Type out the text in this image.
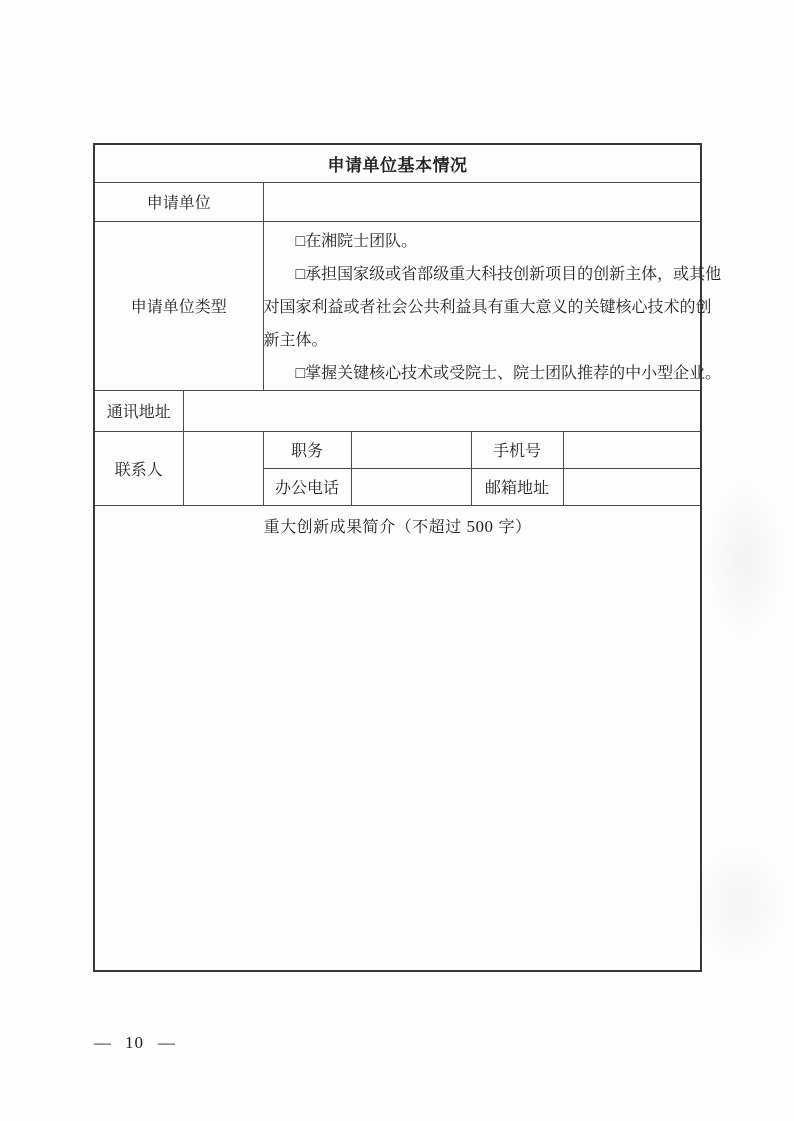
申请单位基本情况					
申请单位					
申请单位类型		□在湘院士团队。
□承担国家级或省部级重大科技创新项目的创新主体，或其他
对国家利益或者社会公共利益具有重大意义的关键核心技术的创
新主体。
□掌握关键核心技术或受院士、院士团队推荐的中小型企业。			

通讯地址					
联系人		职务		手机号	
		办公电话		邮箱地址	

重大创新成果简介（不超过 500 字）					
— 10 —
